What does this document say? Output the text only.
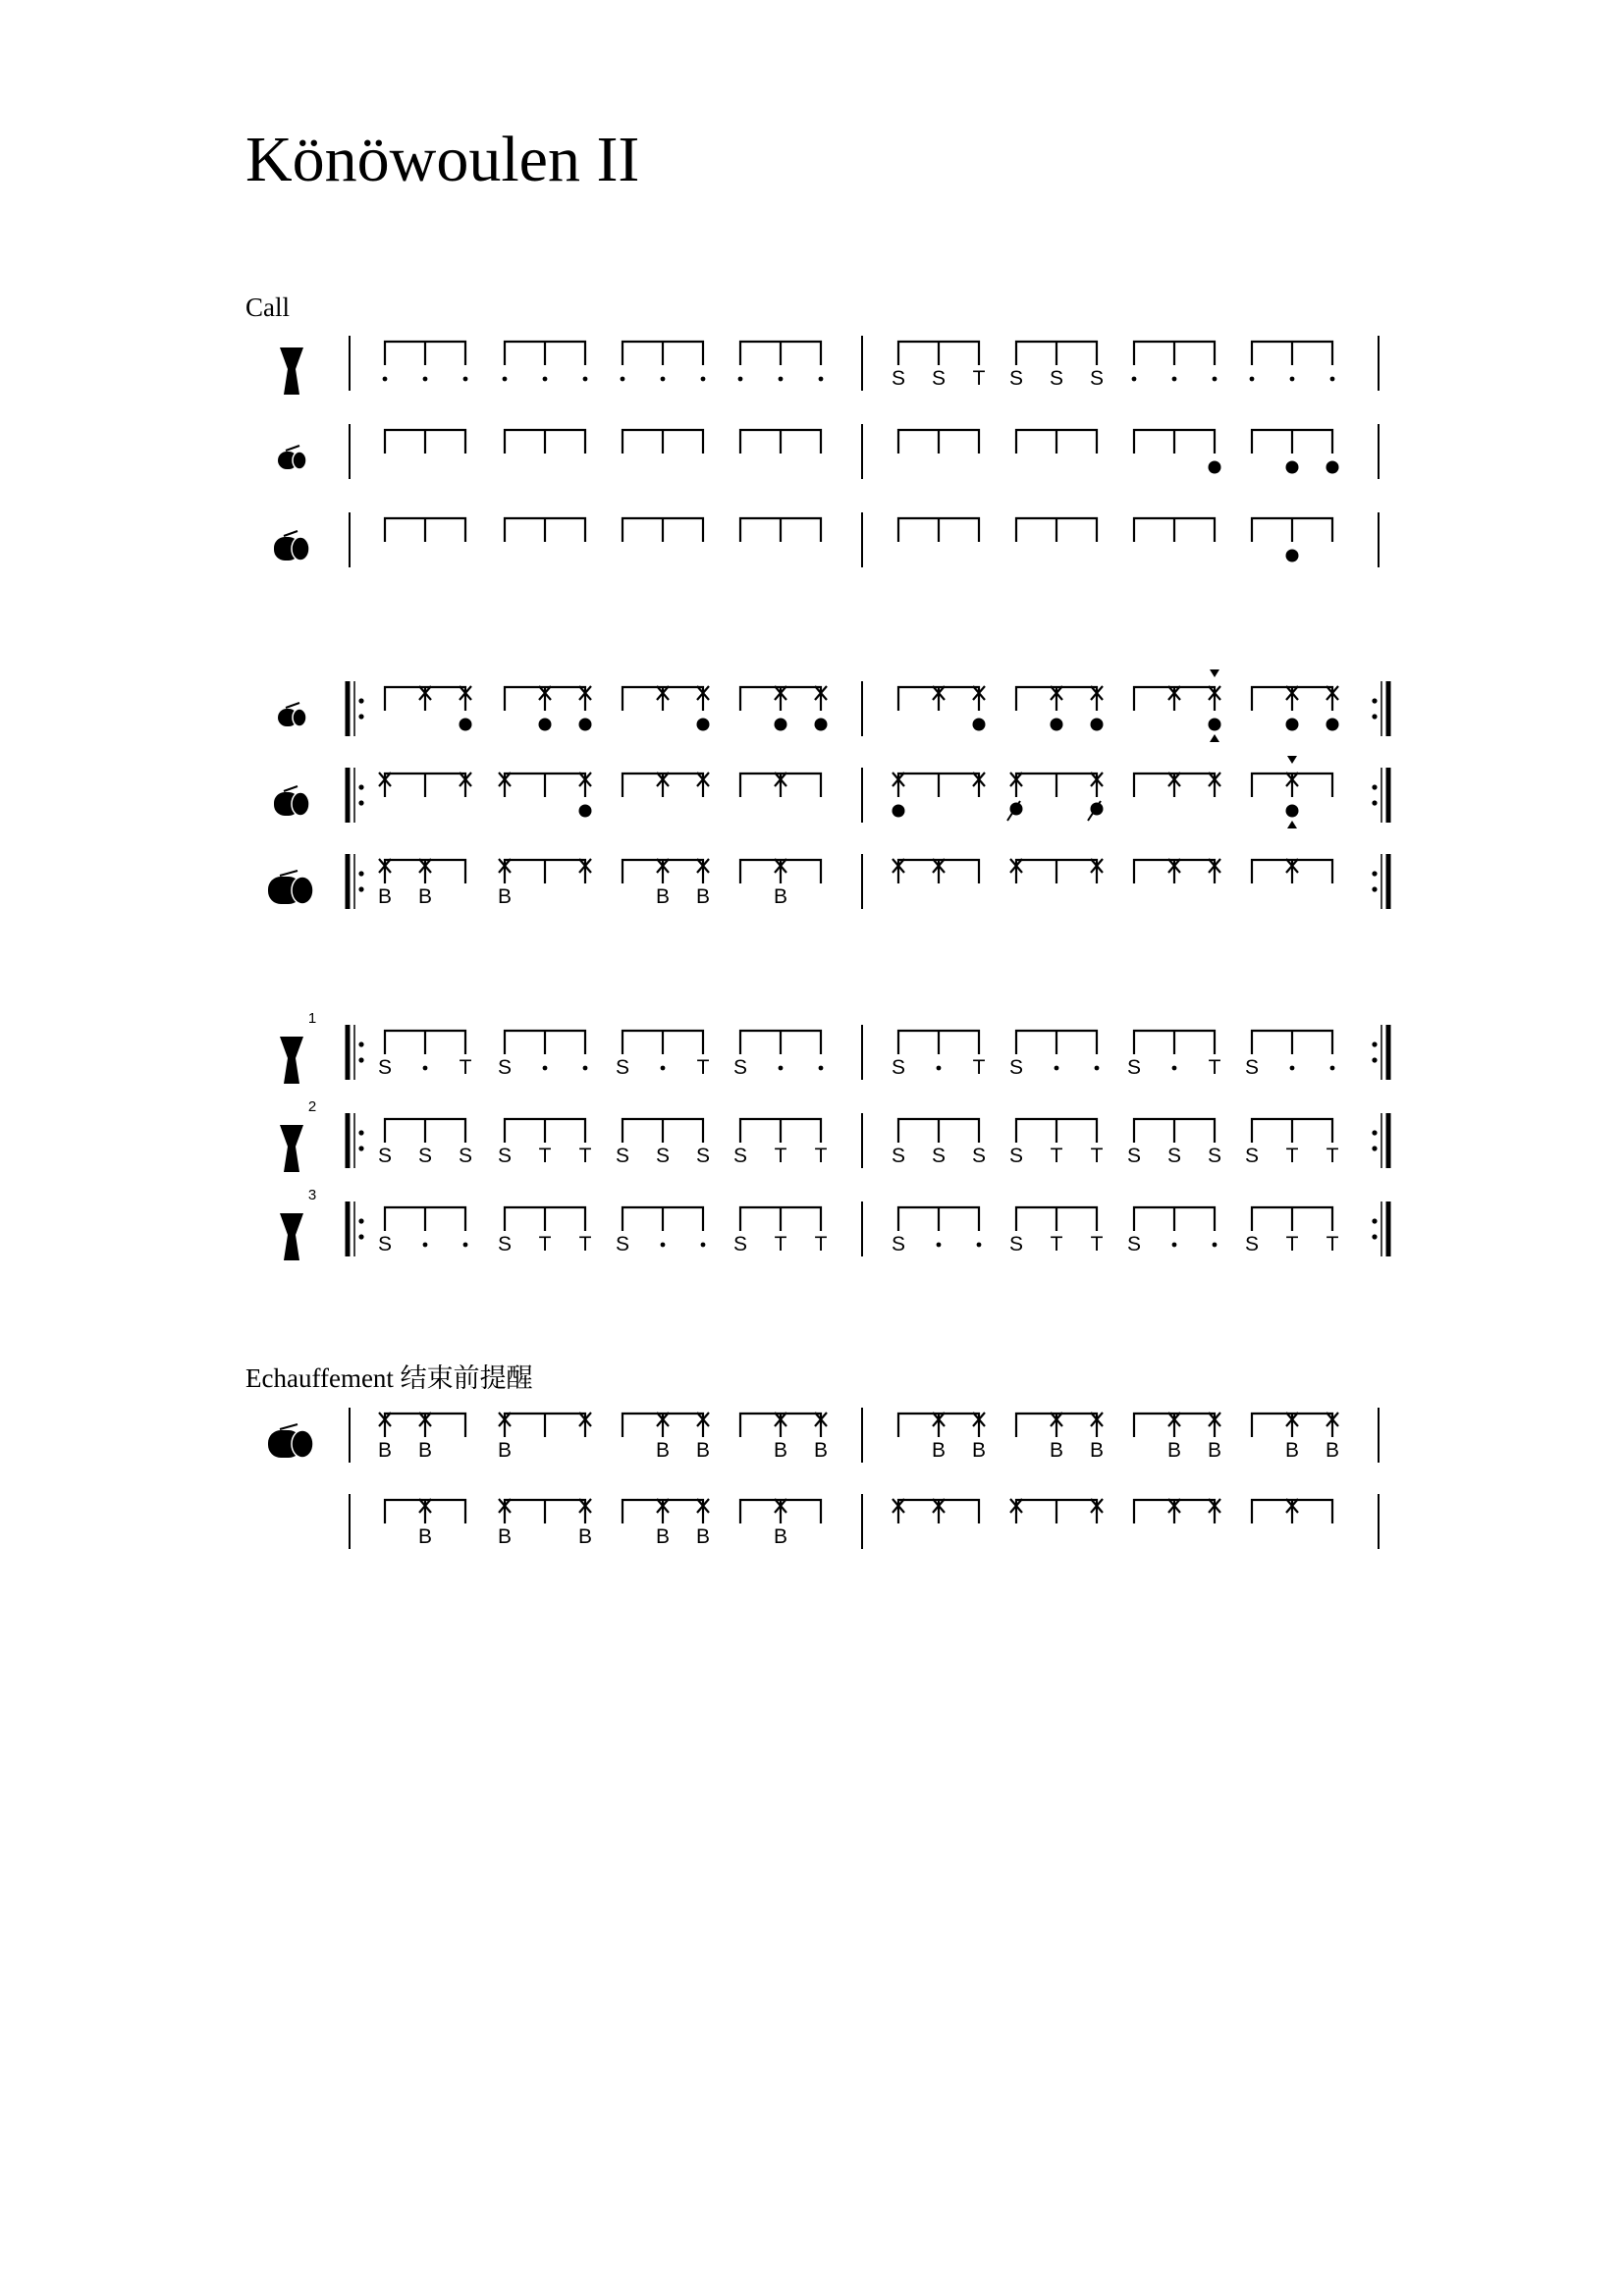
Könöwoulen II
Call
S S T S S S
B B	B	B B	B
1
S	T S	S	T S	S	T S	S	T S
2
S S S S T T S S S S T T	S S S S T T S S S S T T
3
S	S T T S	S T T	S	S T T S	S T T
Echauffement 结束前提醒
B B	B	B B	B B	B B	B B	B B	B B
B	B	B	B B	B
